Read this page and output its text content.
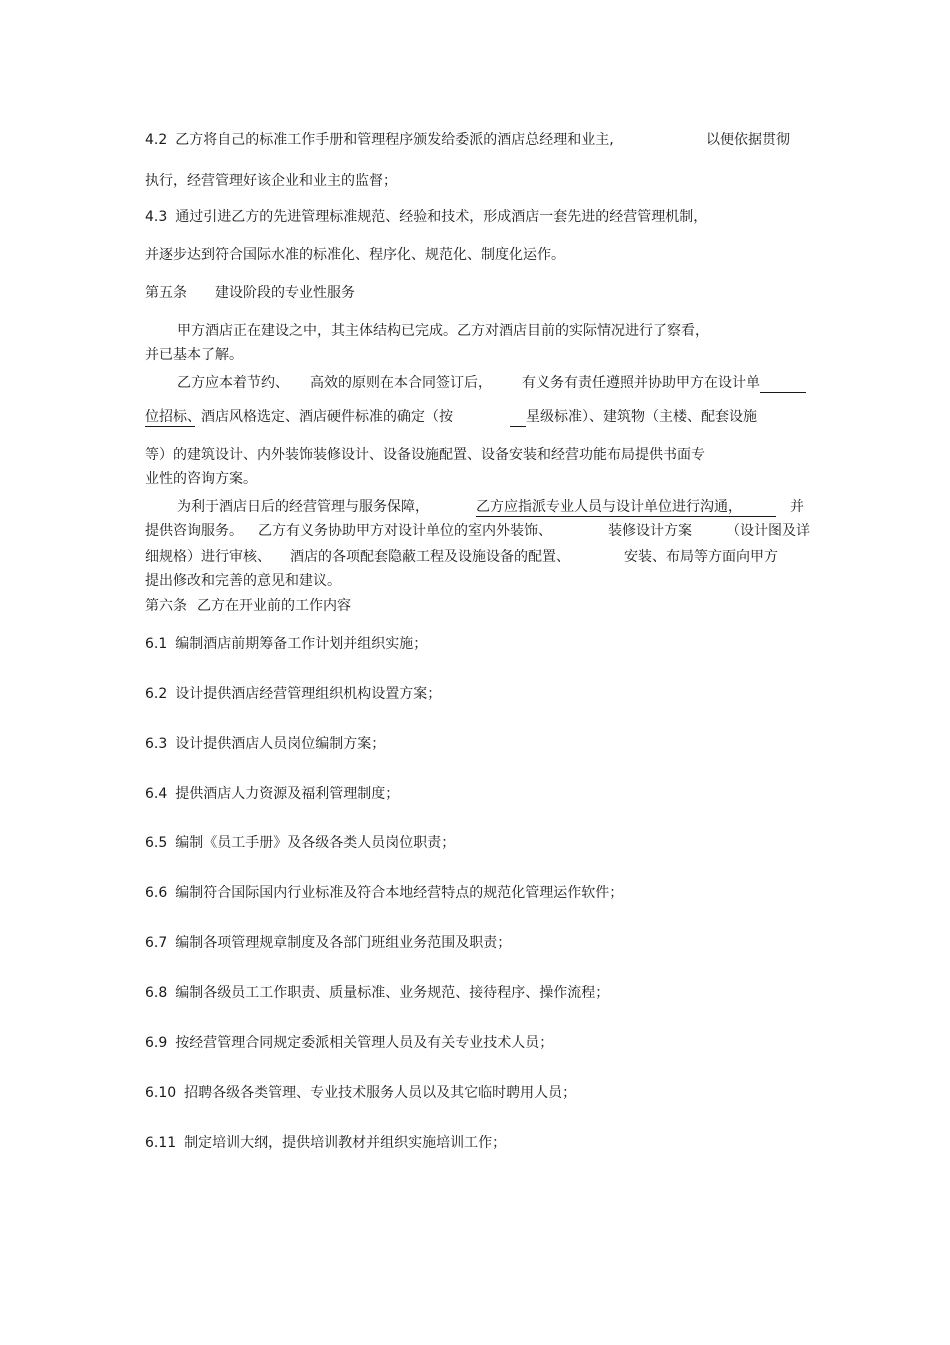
4.2 乙方将自己的标准工作手册和管理程序颁发给委派的酒店总经理和业主,	以便依据贯彻
执行，经营管理好该企业和业主的监督；
4.3 通过引进乙方的先进管理标准规范、经验和技术，形成酒店一套先进的经营管理机制，
并逐步达到符合国际水准的标准化、程序化、规范化、制度化运作。
第五条 建设阶段的专业性服务
甲方酒店正在建设之中，其主体结构已完成。乙方对酒店目前的实际情况进行了察看，
并已基本了解。
乙方应本着节约、 高效的原则在本合同签订后， 有义务有责任遵照并协助甲方在设计单
位招标、酒店风格选定、酒店硬件标准的确定（按	星级标准）、建筑物（主楼、配套设施
等）的建筑设计、内外装饰装修设计、设备设施配置、设备安装和经营功能布局提供书面专
业性的咨询方案。
为利于酒店日后的经营管理与服务保障，	乙方应指派专业人员与设计单位进行沟通，	并
提供咨询服务。 乙方有义务协助甲方对设计单位的室内外装饰、	装修设计方案 （设计图及详
细规格）进行审核、 酒店的各项配套隐蔽工程及设施设备的配置、	安装、布局等方面向甲方
提出修改和完善的意见和建议。
第六条 乙方在开业前的工作内容
6.1 编制酒店前期筹备工作计划并组织实施；
6.2 设计提供酒店经营管理组织机构设置方案；
6.3 设计提供酒店人员岗位编制方案；
6.4 提供酒店人力资源及福利管理制度；
6.5 编制《员工手册》及各级各类人员岗位职责；
6.6 编制符合国际国内行业标准及符合本地经营特点的规范化管理运作软件；
6.7 编制各项管理规章制度及各部门班组业务范围及职责；
6.8 编制各级员工工作职责、质量标准、业务规范、接待程序、操作流程；
6.9 按经营管理合同规定委派相关管理人员及有关专业技术人员；
6.10 招聘各级各类管理、专业技术服务人员以及其它临时聘用人员；
6.11 制定培训大纲，提供培训教材并组织实施培训工作；
